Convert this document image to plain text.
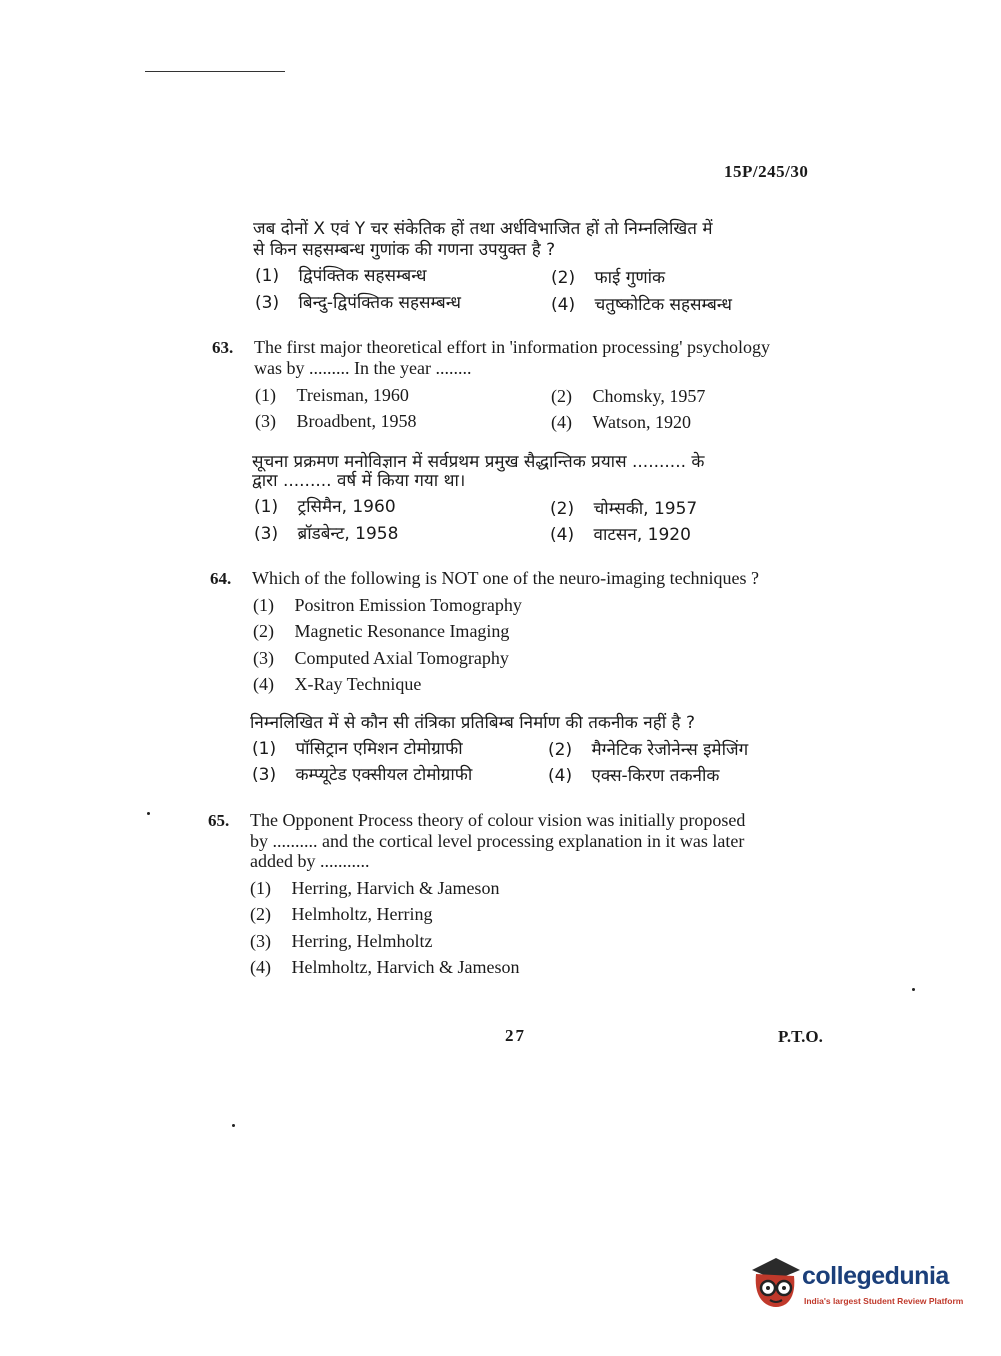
15P/245/30
जब दोनों X एवं Y चर संकेतिक हों तथा अर्धविभाजित हों तो निम्नलिखित में
से किन सहसम्बन्ध गुणांक की गणना उपयुक्त है ?
(1) द्विपंक्तिक सहसम्बन्ध	(2) फाई गुणांक
(3) बिन्दु-द्विपंक्तिक सहसम्बन्ध	(4) चतुष्कोटिक सहसम्बन्ध
63. The first major theoretical effort in 'information processing' psychology
was by ......... In the year ........
(1) Treisman, 1960	(2) Chomsky, 1957
(3) Broadbent, 1958	(4) Watson, 1920
सूचना प्रक्रमण मनोविज्ञान में सर्वप्रथम प्रमुख सैद्धान्तिक प्रयास .......... के
द्वारा ......... वर्ष में किया गया था।
(1) ट्रसिमैन, 1960	(2) चोम्सकी, 1957
(3) ब्रॉडबेन्ट, 1958	(4) वाटसन, 1920
64. Which of the following is NOT one of the neuro-imaging techniques ?
(1) Positron Emission Tomography
(2) Magnetic Resonance Imaging
(3) Computed Axial Tomography
(4) X-Ray Technique
निम्नलिखित में से कौन सी तंत्रिका प्रतिबिम्ब निर्माण की तकनीक नहीं है ?
(1) पॉसिट्रान एमिशन टोमोग्राफी	(2) मैग्नेटिक रेजोनेन्स इमेजिंग
(3) कम्प्यूटेड एक्सीयल टोमोग्राफी	(4) एक्स-किरण तकनीक
65. The Opponent Process theory of colour vision was initially proposed
by .......... and the cortical level processing explanation in it was later
added by ...........
(1) Herring, Harvich & Jameson
(2) Helmholtz, Herring
(3) Herring, Helmholtz
(4) Helmholtz, Harvich & Jameson
27	P.T.O.
collegedunia
India's largest Student Review Platform
